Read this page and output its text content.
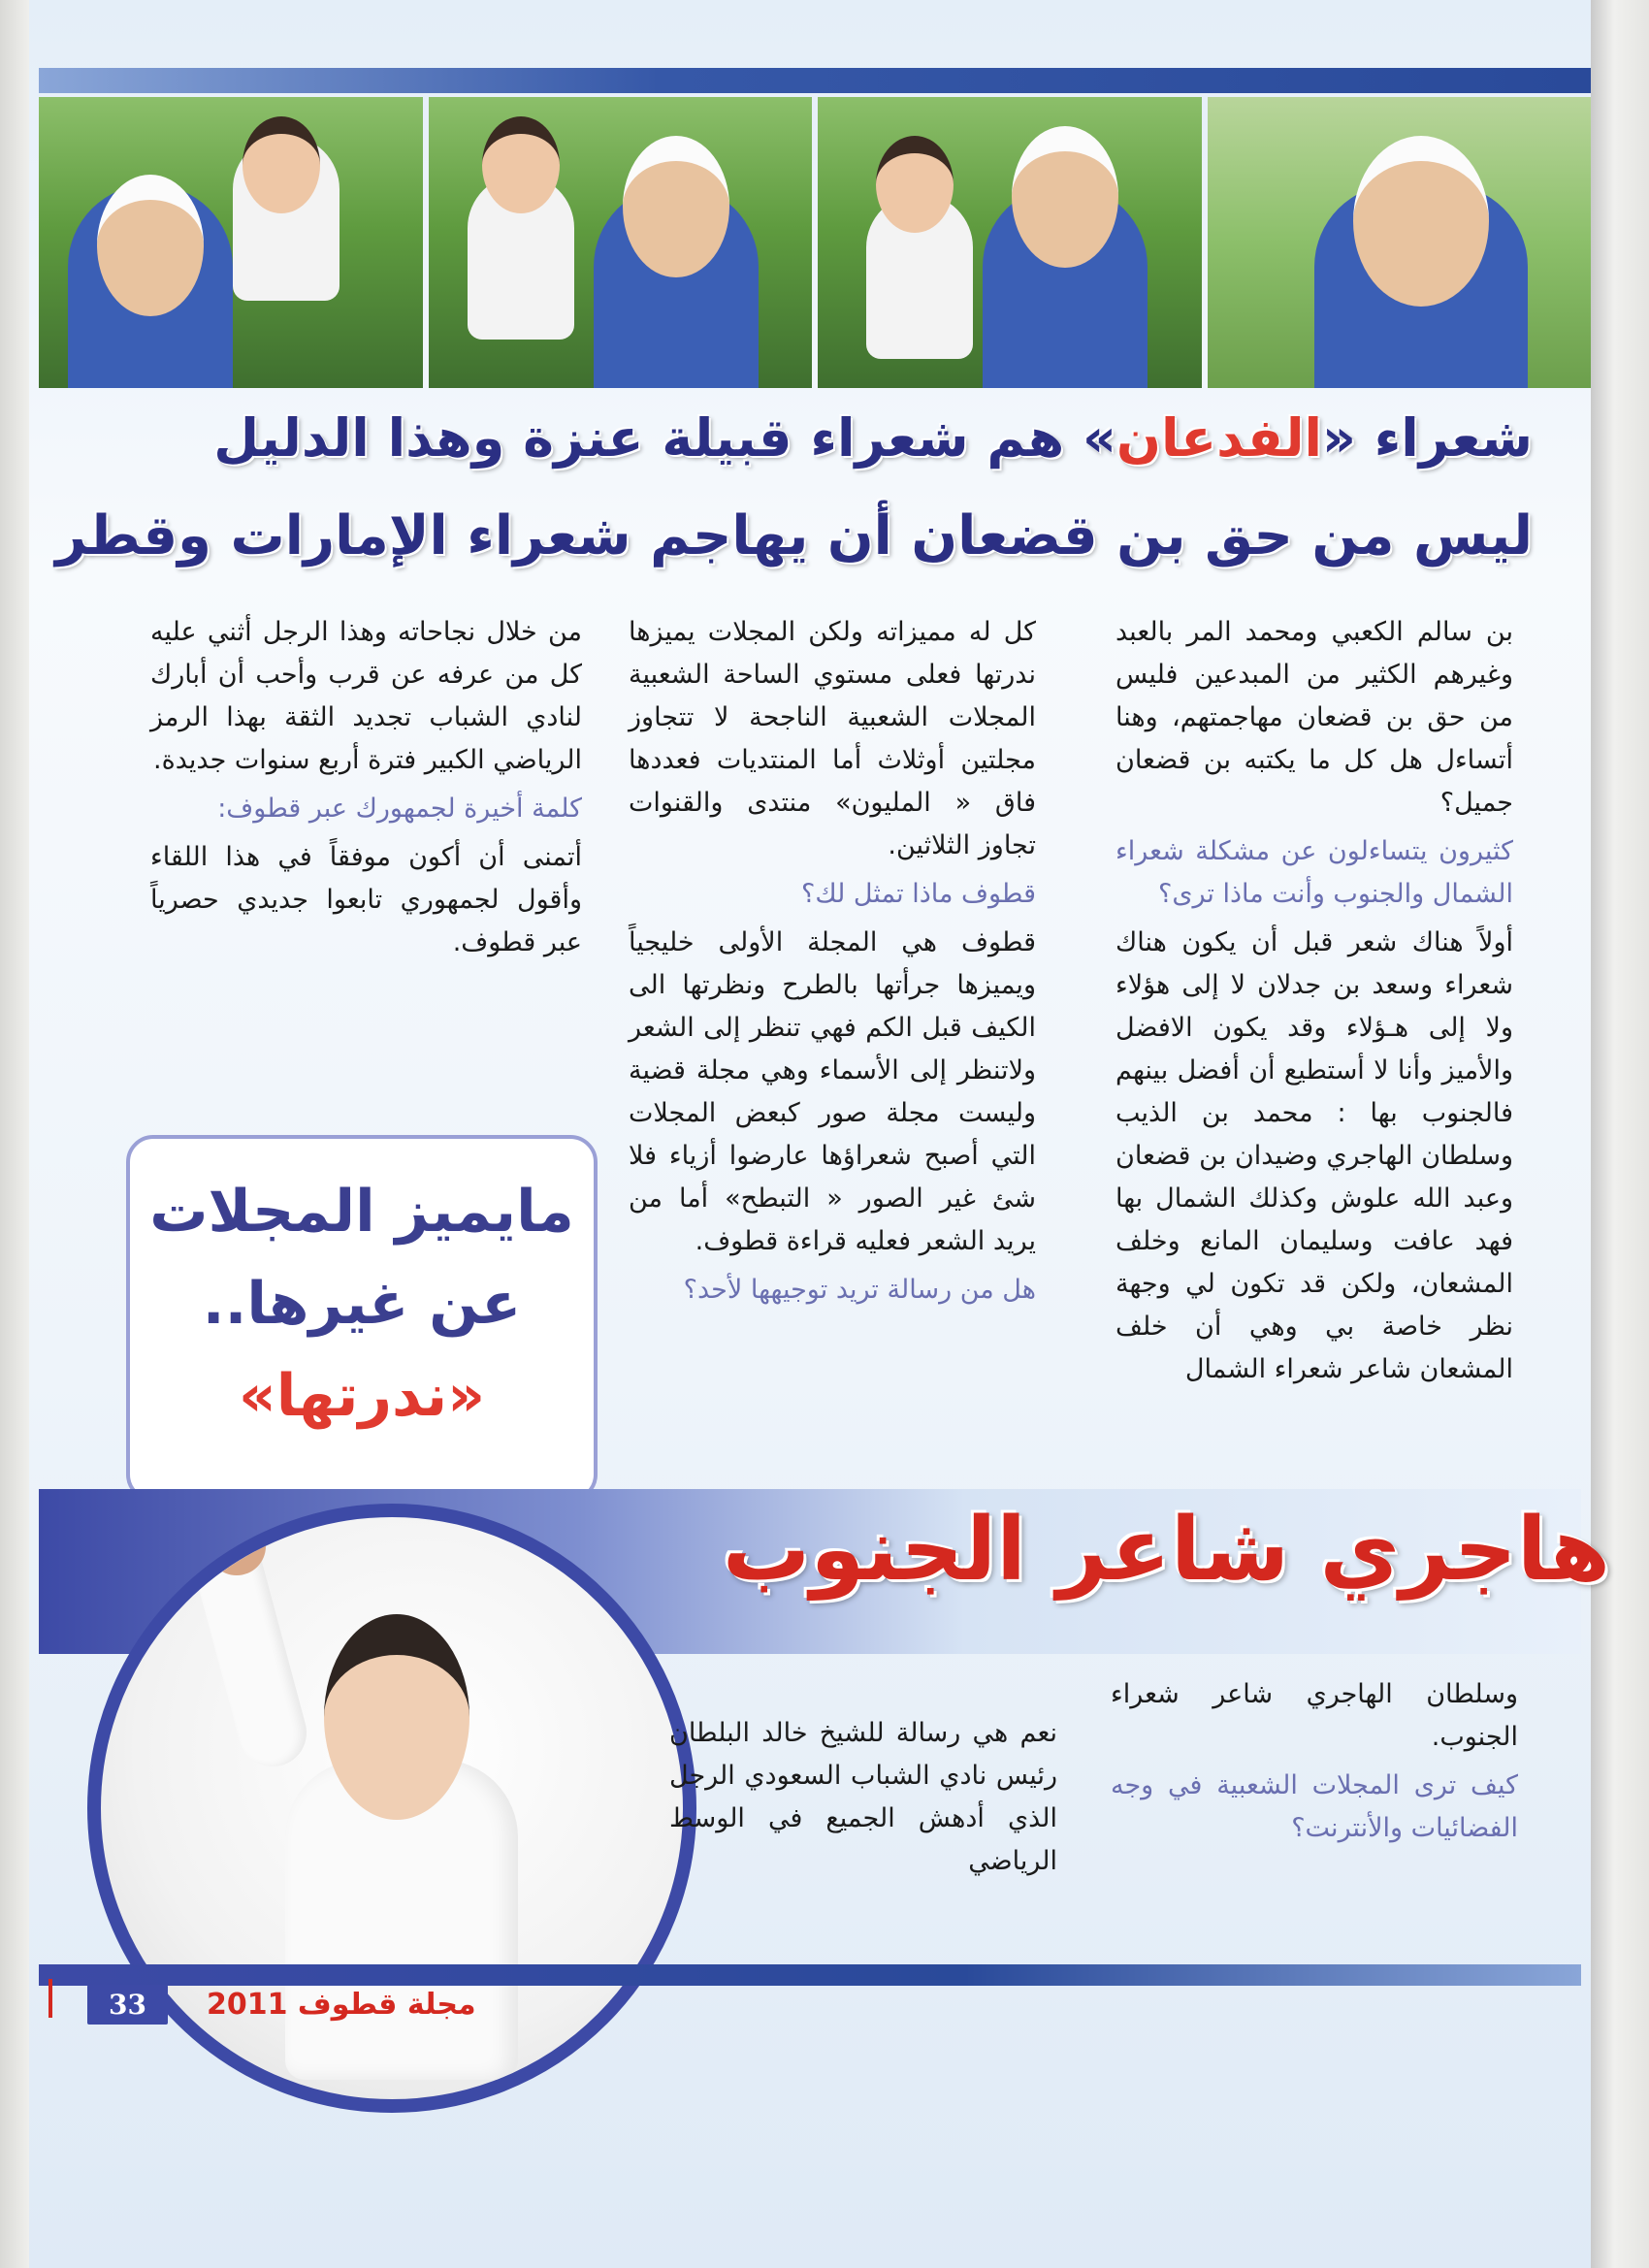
شعراء «الفدعان» هم شعراء قبيلة عنزة وهذا الدليل
ليس من حق بن قضعان أن يهاجم شعراء الإمارات وقطر

بن سالم الكعبي ومحمد المر بالعبد وغيرهم الكثير من المبدعين فليس من حق بن قضعان مهاجمتهم، وهنا أتساءل هل كل ما يكتبه بن قضعان جميل؟

كثيرون يتساءلون عن مشكلة شعراء الشمال والجنوب وأنت ماذا ترى؟

أولاً هناك شعر قبل أن يكون هناك شعراء وسعد بن جدلان لا إلى هؤلاء ولا إلى هـؤلاء وقد يكون الافضل والأميز وأنا لا أستطيع أن أفضل بينهم فالجنوب بها : محمد بن الذيب وسلطان الهاجري وضيدان بن قضعان وعبد الله علوش وكذلك الشمال بها فهد عافت وسليمان المانع وخلف المشعان، ولكن قد تكون لي وجهة نظر خاصة بي وهي أن خلف المشعان شاعر شعراء الشمال

كل له مميزاته ولكن المجلات يميزها ندرتها فعلى مستوي الساحة الشعبية المجلات الشعبية الناجحة لا تتجاوز مجلتين أوثلاث أما المنتديات فعددها فاق « المليون» منتدى والقنوات تجاوز الثلاثين.

قطوف ماذا تمثل لك؟

قطوف هي المجلة الأولى خليجياً ويميزها جرأتها بالطرح ونظرتها الى الكيف قبل الكم فهي تنظر إلى الشعر ولاتنظر إلى الأسماء وهي مجلة قضية وليست مجلة صور كبعض المجلات التي أصبح شعراؤها عارضوا أزياء فلا شئ غير الصور « التبطح» أما من يريد الشعر فعليه قراءة قطوف.

هل من رسالة تريد توجيهها لأحد؟

من خلال نجاحاته وهذا الرجل أثني عليه كل من عرفه عن قرب وأحب أن أبارك لنادي الشباب تجديد الثقة بهذا الرمز الرياضي الكبير فترة أربع سنوات جديدة.

كلمة أخيرة لجمهورك عبر قطوف:

أتمنى أن أكون موفقاً في هذا اللقاء وأقول لجمهوري تابعوا جديدي حصرياً عبر قطوف.

مايميز المجلات
عن غيرها..
«ندرتها»
هاجري شاعر الجنوب

وسلطان الهاجري شاعر شعراء الجنوب.

كيف ترى المجلات الشعبية في وجه الفضائيات والأنترنت؟

نعم هي رسالة للشيخ خالد البلطان رئيس نادي الشباب السعودي الرجل الذي أدهش الجميع في الوسط الرياضي

33	مجلة قطوف 2011
